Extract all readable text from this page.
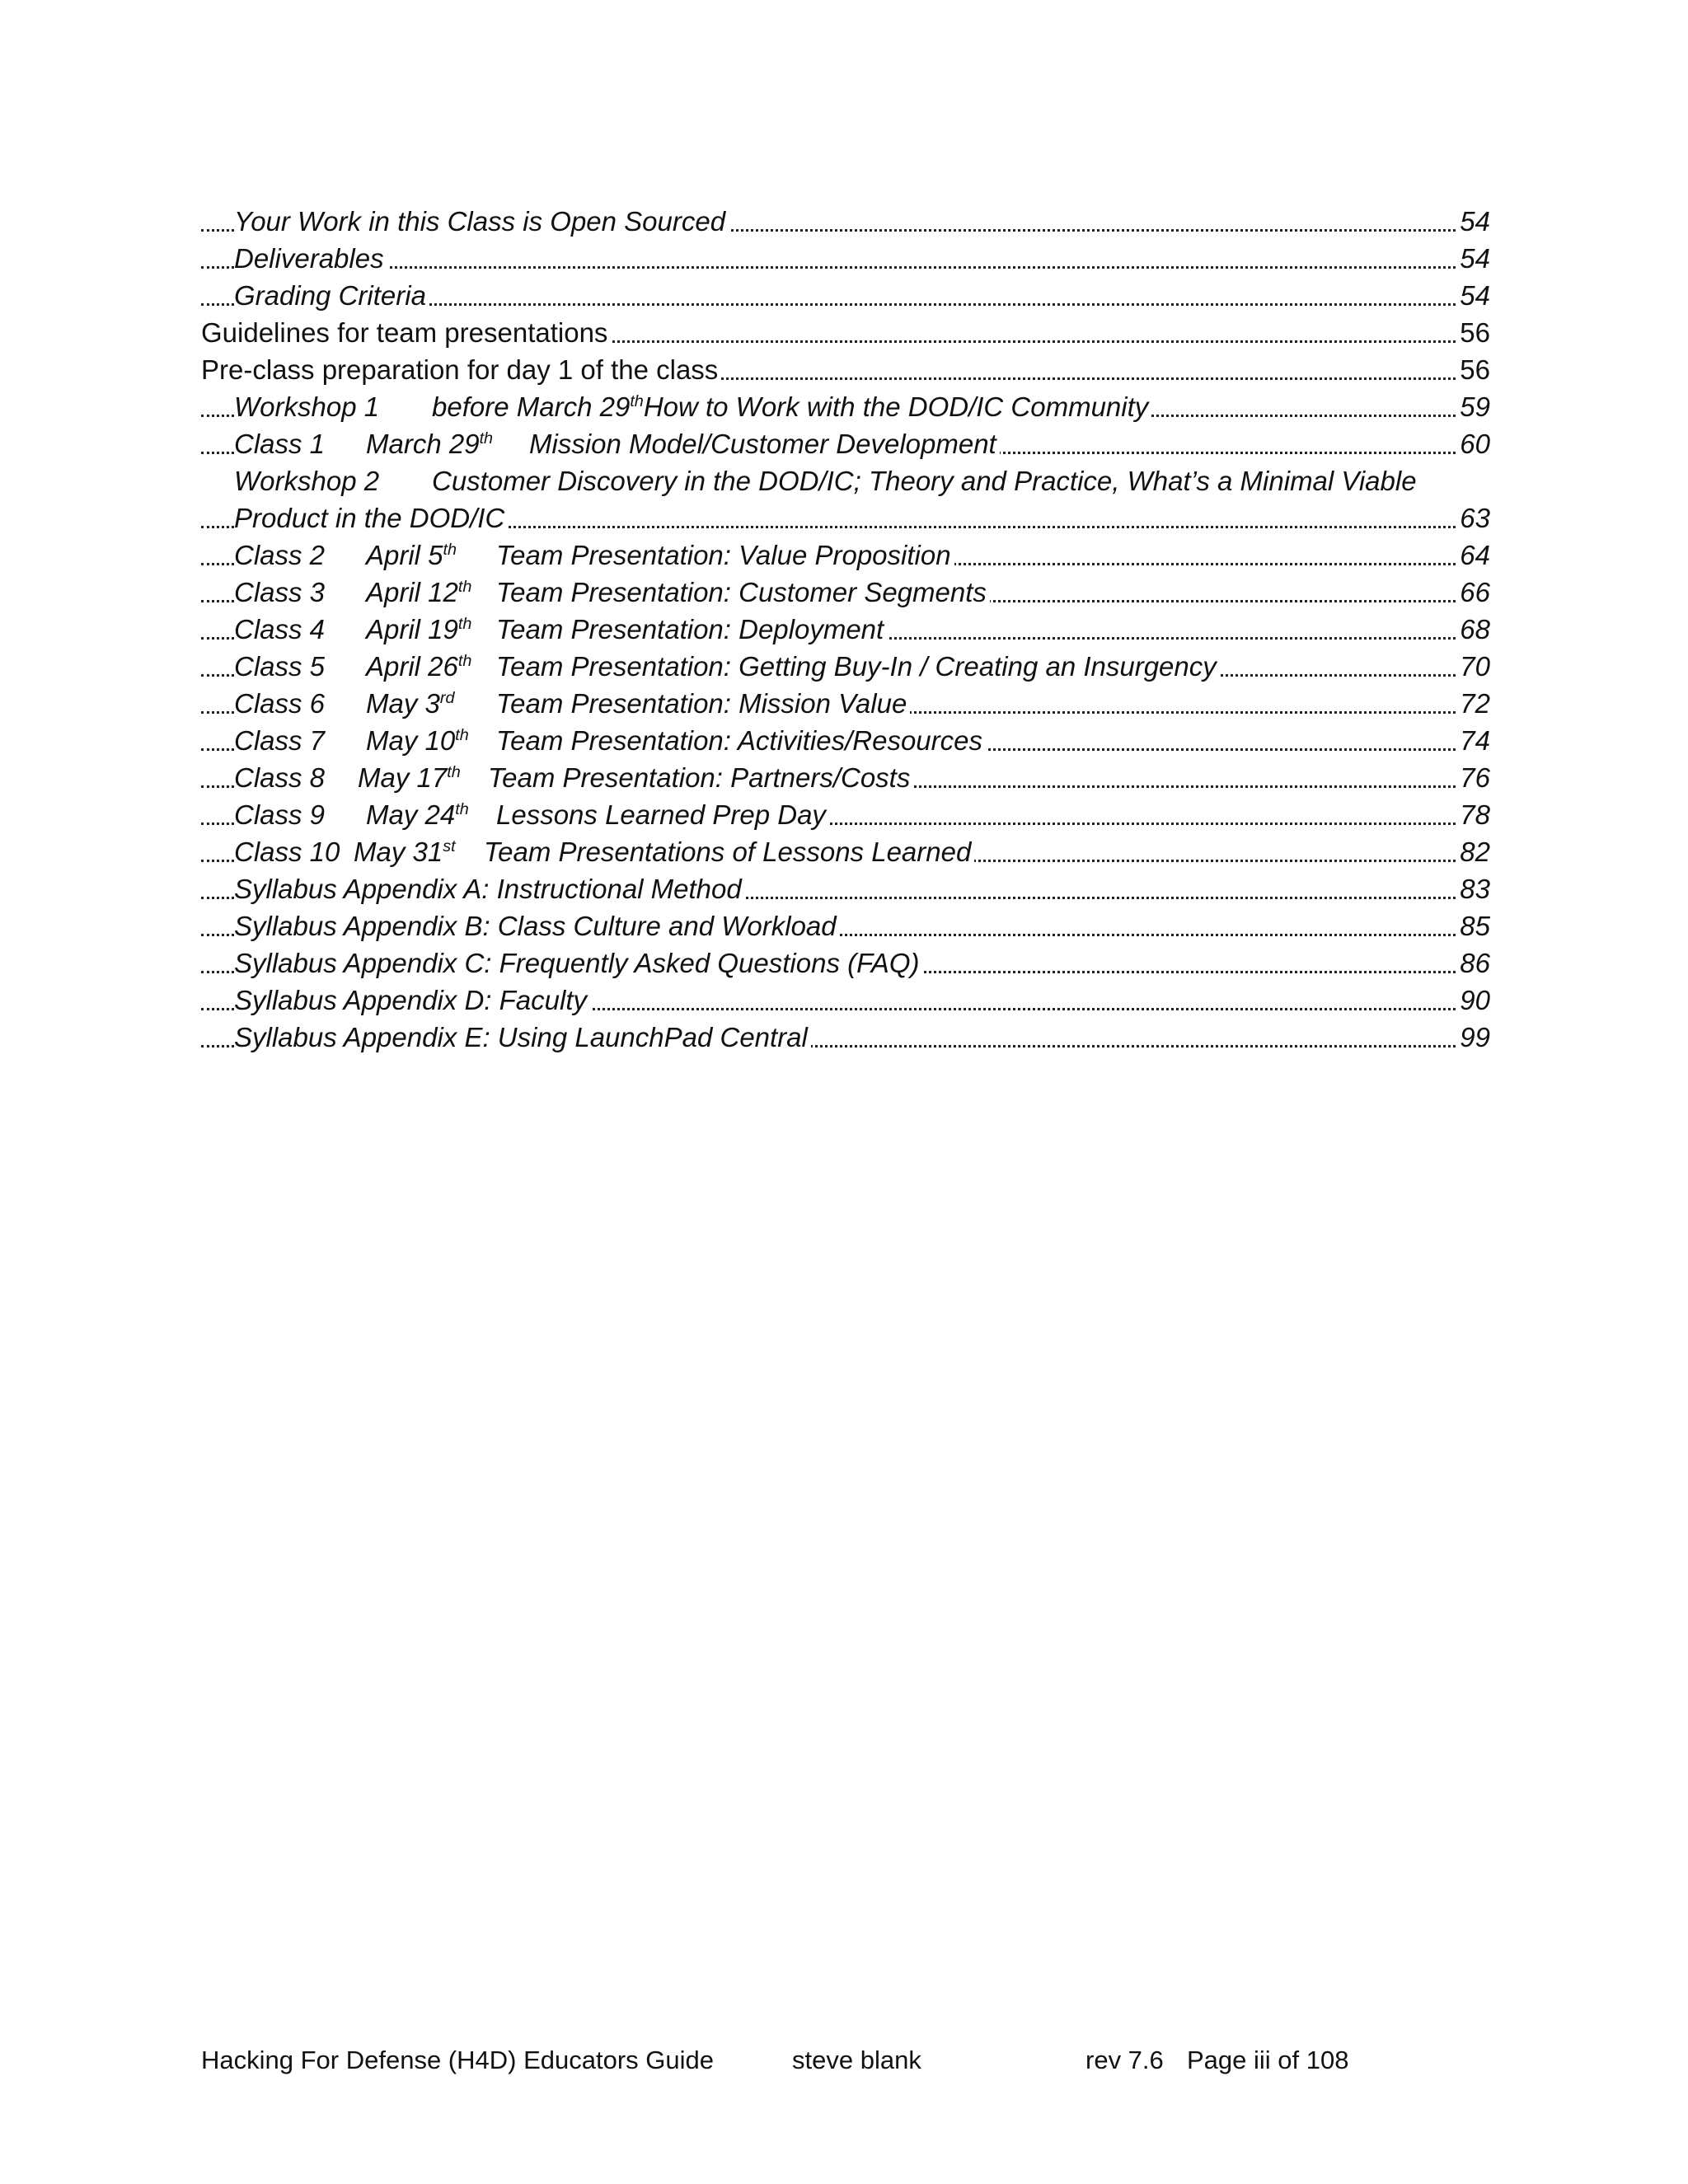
Your Work in this Class is Open Sourced	54
Deliverables	54
Grading Criteria	54
Guidelines for team presentations	56
Pre-class preparation for day 1 of the class	56
Workshop 1 before March 29thHow to Work with the DOD/IC Community	59
Class 1 March 29th Mission Model/Customer Development	60
Workshop 2 Customer Discovery in the DOD/IC; Theory and Practice, What’s a Minimal Viable
Product in the DOD/IC	63
Class 2 April 5th Team Presentation: Value Proposition	64
Class 3 April 12th Team Presentation: Customer Segments	66
Class 4 April 19th Team Presentation: Deployment	68
Class 5 April 26th Team Presentation: Getting Buy-In / Creating an Insurgency	70
Class 6 May 3rd Team Presentation: Mission Value	72
Class 7 May 10th Team Presentation: Activities/Resources	74
Class 8 May 17th Team Presentation: Partners/Costs	76
Class 9 May 24th Lessons Learned Prep Day	78
Class 10 May 31st Team Presentations of Lessons Learned	82
Syllabus Appendix A: Instructional Method	83
Syllabus Appendix B: Class Culture and Workload	85
Syllabus Appendix C: Frequently Asked Questions (FAQ)	86
Syllabus Appendix D: Faculty	90
Syllabus Appendix E: Using LaunchPad Central	99
Hacking For Defense (H4D) Educators Guide	steve blank	rev 7.6 Page iii of 108
